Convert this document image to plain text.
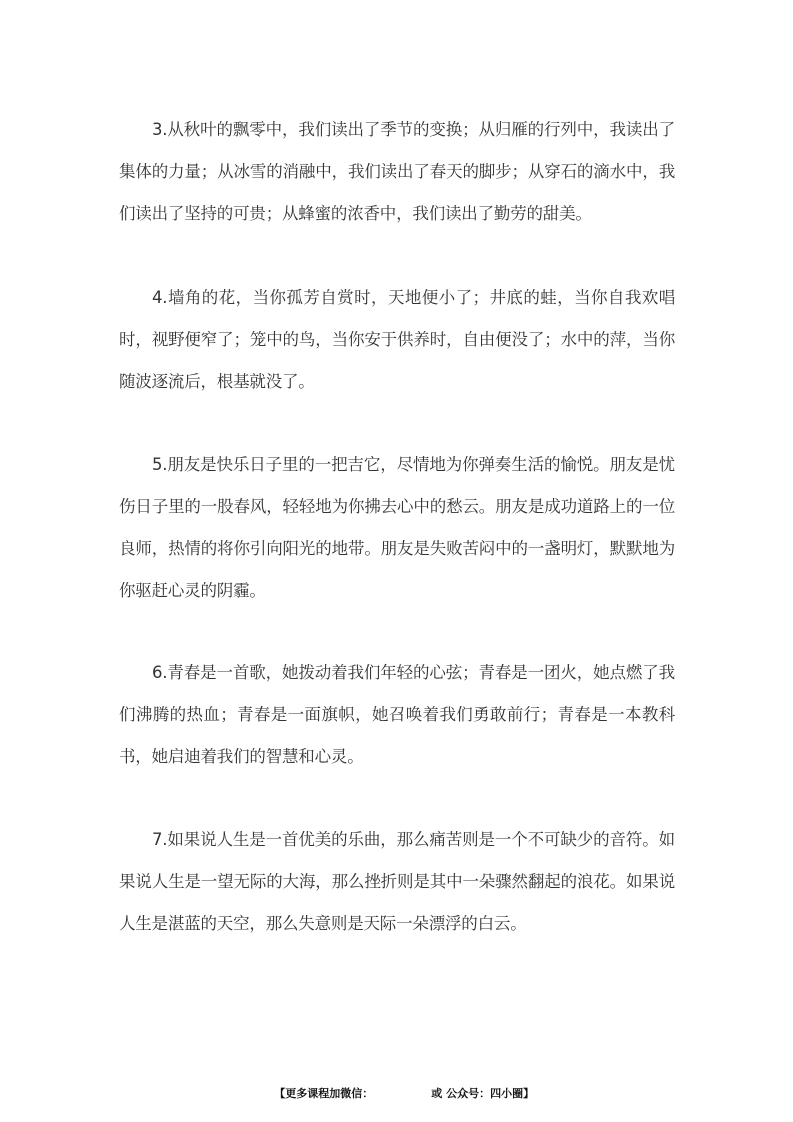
3.从秋叶的飘零中，我们读出了季节的变换；从归雁的行列中，我读出了集体的力量；从冰雪的消融中，我们读出了春天的脚步；从穿石的滴水中，我们读出了坚持的可贵；从蜂蜜的浓香中，我们读出了勤劳的甜美。

4.墙角的花，当你孤芳自赏时，天地便小了；井底的蛙，当你自我欢唱时，视野便窄了；笼中的鸟，当你安于供养时，自由便没了；水中的萍，当你随波逐流后，根基就没了。

5.朋友是快乐日子里的一把吉它，尽情地为你弹奏生活的愉悦。朋友是忧伤日子里的一股春风，轻轻地为你拂去心中的愁云。朋友是成功道路上的一位良师，热情的将你引向阳光的地带。朋友是失败苦闷中的一盏明灯，默默地为你驱赶心灵的阴霾。

6.青春是一首歌，她拨动着我们年轻的心弦；青春是一团火，她点燃了我们沸腾的热血；青春是一面旗帜，她召唤着我们勇敢前行；青春是一本教科书，她启迪着我们的智慧和心灵。

7.如果说人生是一首优美的乐曲，那么痛苦则是一个不可缺少的音符。如果说人生是一望无际的大海，那么挫折则是其中一朵骤然翻起的浪花。如果说人生是湛蓝的天空，那么失意则是天际一朵漂浮的白云。

【更多课程加微信：	或 公众号：四小圈】
